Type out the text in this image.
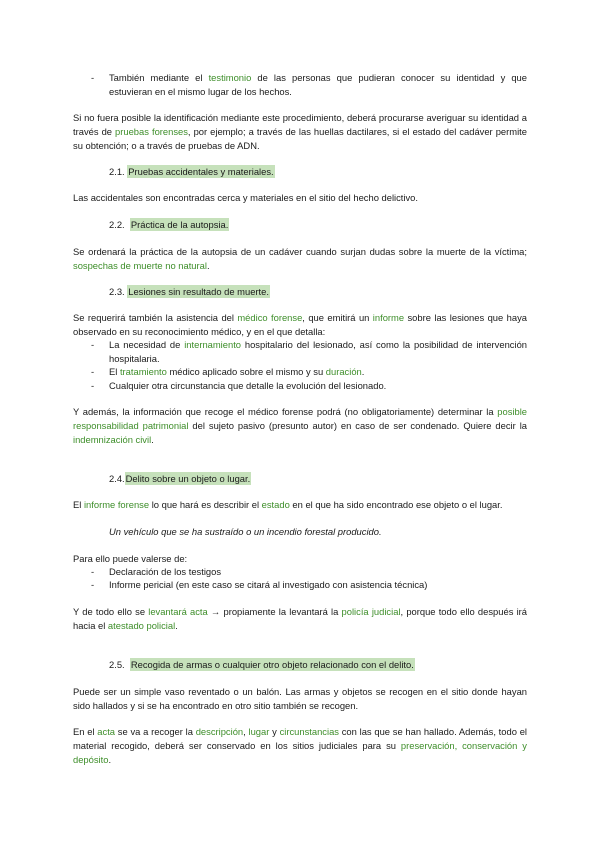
- También mediante el testimonio de las personas que pudieran conocer su identidad y que estuvieran en el mismo lugar de los hechos.

Si no fuera posible la identificación mediante este procedimiento, deberá procurarse averiguar su identidad a través de pruebas forenses, por ejemplo; a través de las huellas dactilares, si el estado del cadáver permite su obtención; o a través de pruebas de ADN.

2.1. Pruebas accidentales y materiales.

Las accidentales son encontradas cerca y materiales en el sitio del hecho delictivo.

2.2. Práctica de la autopsia.

Se ordenará la práctica de la autopsia de un cadáver cuando surjan dudas sobre la muerte de la víctima; sospechas de muerte no natural.

2.3. Lesiones sin resultado de muerte.

Se requerirá también la asistencia del médico forense, que emitirá un informe sobre las lesiones que haya observado en su reconocimiento médico, y en el que detalla:

- La necesidad de internamiento hospitalario del lesionado, así como la posibilidad de intervención hospitalaria.
- El tratamiento médico aplicado sobre el mismo y su duración.
- Cualquier otra circunstancia que detalle la evolución del lesionado.

Y además, la información que recoge el médico forense podrá (no obligatoriamente) determinar la posible responsabilidad patrimonial del sujeto pasivo (presunto autor) en caso de ser condenado. Quiere decir la indemnización civil.

2.4.Delito sobre un objeto o lugar.

El informe forense lo que hará es describir el estado en el que ha sido encontrado ese objeto o el lugar.

Un vehículo que se ha sustraído o un incendio forestal producido.

Para ello puede valerse de:

- Declaración de los testigos
- Informe pericial (en este caso se citará al investigado con asistencia técnica)

Y de todo ello se levantará acta → propiamente la levantará la policía judicial, porque todo ello después irá hacia el atestado policial.

2.5. Recogida de armas o cualquier otro objeto relacionado con el delito.

Puede ser un simple vaso reventado o un balón. Las armas y objetos se recogen en el sitio donde hayan sido hallados y si se ha encontrado en otro sitio también se recogen.

En el acta se va a recoger la descripción, lugar y circunstancias con las que se han hallado. Además, todo el material recogido, deberá ser conservado en los sitios judiciales para su preservación, conservación y depósito.
